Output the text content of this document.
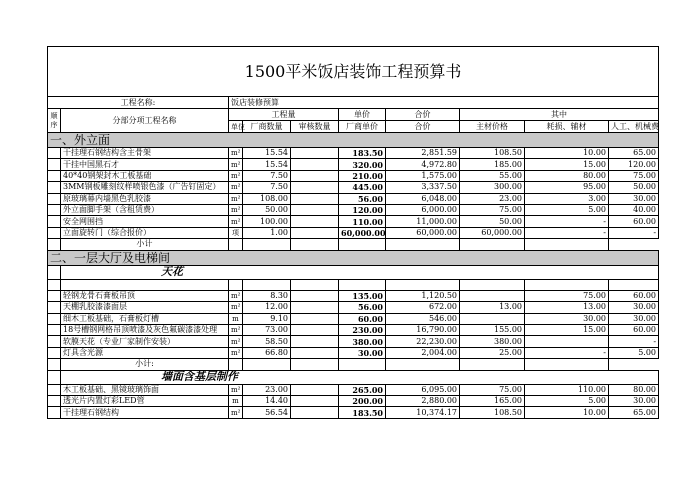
1500平米饭店装饰工程预算书									
工程名称:		饭店装修预算							
顺序	分部分项工程名称	工程量			单价	合价	其中		
		单位	厂商数量	审核数量	厂商单价	合价	主材价格	耗损、辅材	人工、机械费
一、外立面									
	干挂理石钢结构含主骨架	m²	15.54		183.50	2,851.59	108.50	10.00	65.00
	干挂中国黑石才	m²	15.54		320.00	4,972.80	185.00	15.00	120.00
	40*40钢架封木工板基础	m²	7.50		210.00	1,575.00	55.00	80.00	75.00
	3MM钢板雕刻纹样喷银色漆（广告钉固定）	m²	7.50		445.00	3,337.50	300.00	95.00	50.00
	原玻璃幕内墙黑色乳胶漆	m²	108.00		56.00	6,048.00	23.00	3.00	30.00
	外立面脚手架（含租赁费）	m²	50.00		120.00	6,000.00	75.00	5.00	40.00
	安全网围挡	m²	100.00		110.00	11,000.00	50.00	-	60.00
	立面旋转门（综合报价）	项	1.00		60,000.00	60,000.00	60,000.00	-	-
	小计								
二、一层大厅及电梯间									
	天花								

	轻钢龙骨石膏板吊顶	m²	8.30		135.00	1,120.50		75.00	60.00
	天棚乳胶漆漆面层	m²	12.00		56.00	672.00	13.00	13.00	30.00
	细木工板基础，石膏板灯槽	m	9.10		60.00	546.00		30.00	30.00
	18号槽钢网格吊顶喷漆及灰色氟碳漆漆处理	m²	73.00		230.00	16,790.00	155.00	15.00	60.00
	软膜天花（专业厂家制作安装）	m²	58.50		380.00	22,230.00	380.00		-
	灯具含光源	m²	66.80		30.00	2,004.00	25.00	-	5.00
	小计:								
	墙面含基层制作								
	木工板基础、黑镜玻璃饰面	m²	23.00		265.00	6,095.00	75.00	110.00	80.00
	透光片内置灯彩LED管	m	14.40		200.00	2,880.00	165.00	5.00	30.00
	干挂理石钢结构	m²	56.54		183.50	10,374.17	108.50	10.00	65.00
